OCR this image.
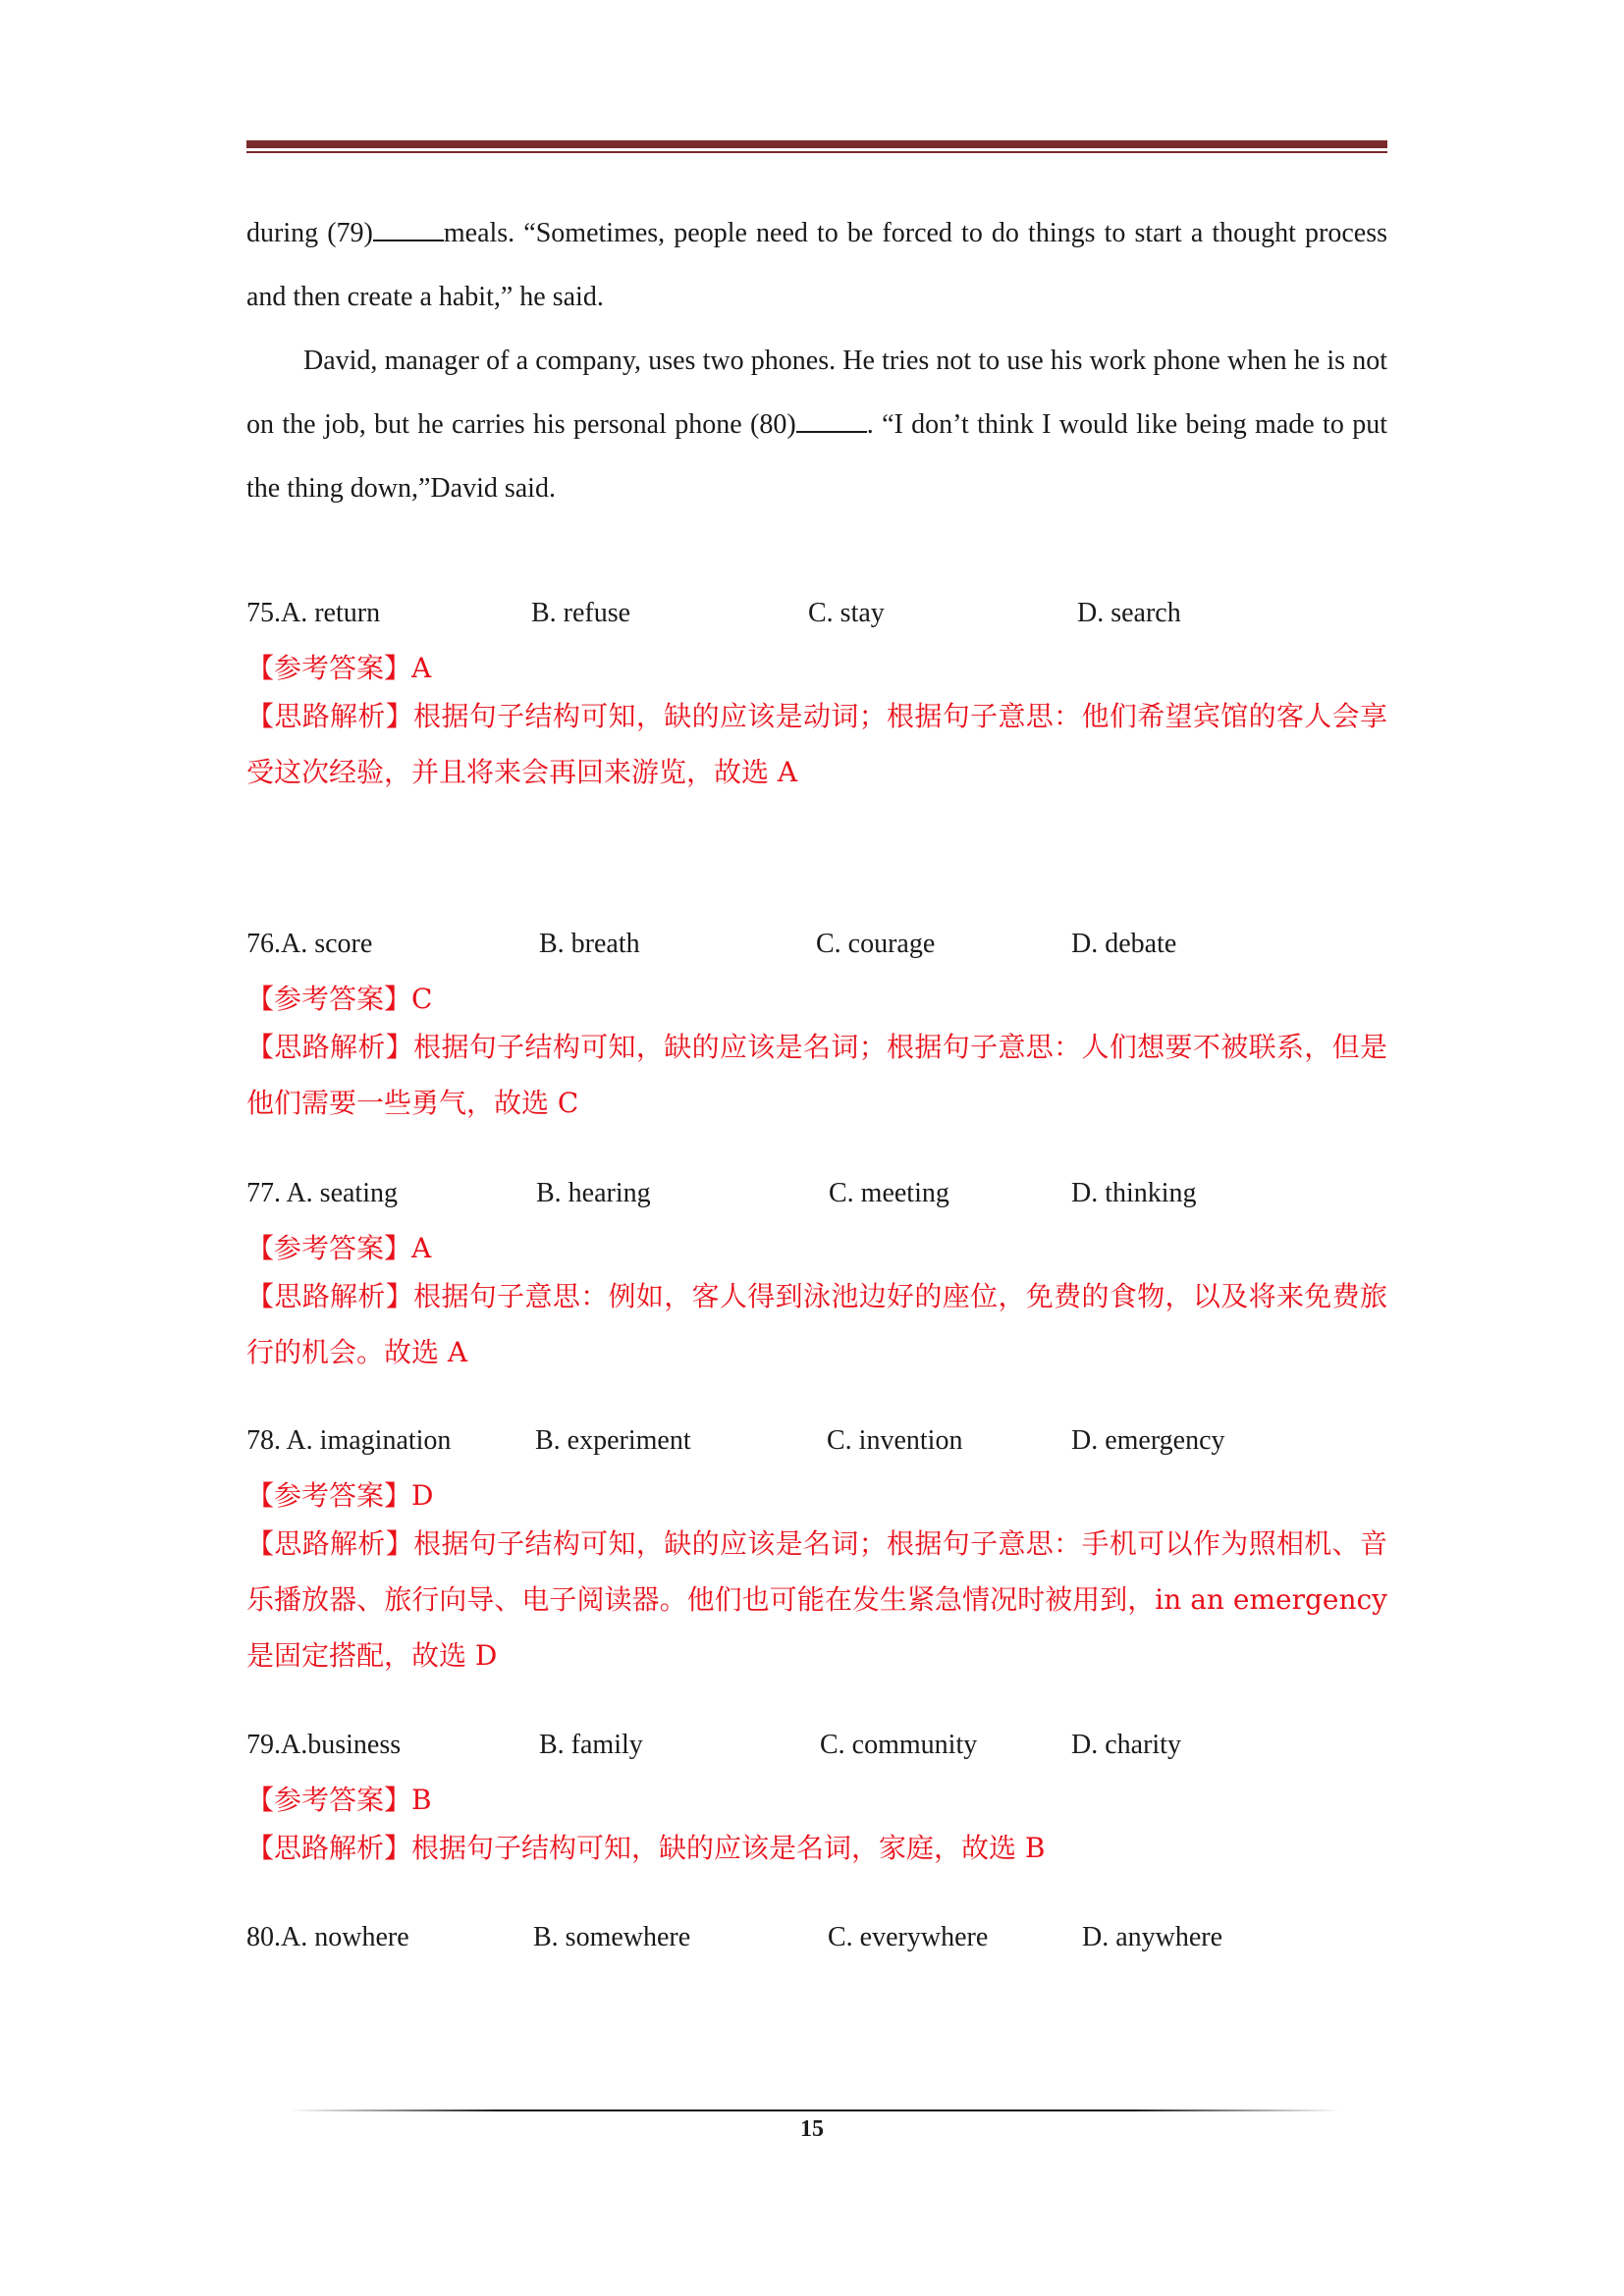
during (79)	meals. “Sometimes, people need to be forced to do things to start a thought process and then create a habit,” he said.

David, manager of a company, uses two phones. He tries not to use his work phone when he is not on the job, but he carries his personal phone (80)	. “I don’t think I would like being made to put the thing down,”David said.

75.A. return	B. refuse	C. stay	D. search
【参考答案】A
【思路解析】根据句子结构可知，缺的应该是动词；根据句子意思：他们希望宾馆的客人会享受这次经验，并且将来会再回来游览，故选 A
76.A. score	B. breath	C. courage	D. debate
【参考答案】C
【思路解析】根据句子结构可知，缺的应该是名词；根据句子意思：人们想要不被联系，但是他们需要一些勇气，故选 C
77. A. seating	B. hearing	C. meeting	D. thinking
【参考答案】A
【思路解析】根据句子意思：例如，客人得到泳池边好的座位，免费的食物，以及将来免费旅行的机会。故选 A
78. A. imagination	B. experiment	C. invention	D. emergency
【参考答案】D
【思路解析】根据句子结构可知，缺的应该是名词；根据句子意思：手机可以作为照相机、音乐播放器、旅行向导、电子阅读器。他们也可能在发生紧急情况时被用到，in an emergency 是固定搭配，故选 D
79.A.business	B. family	C. community	D. charity
【参考答案】B
【思路解析】根据句子结构可知，缺的应该是名词，家庭，故选 B
80.A. nowhere	B. somewhere	C. everywhere	D. anywhere
15
